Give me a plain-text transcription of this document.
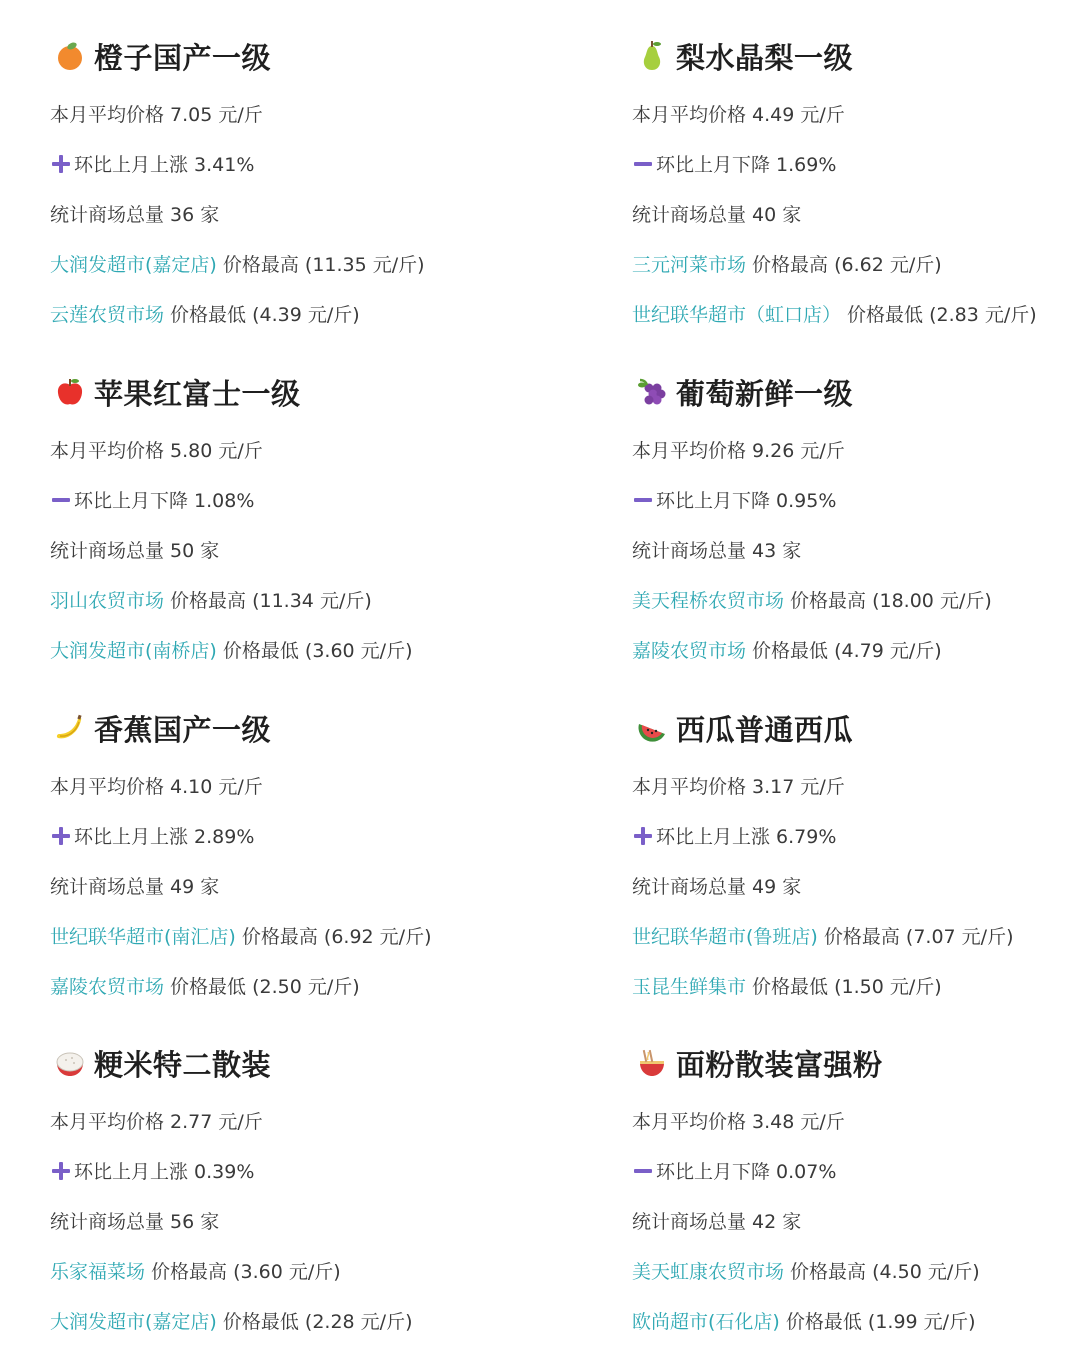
橙子国产一级
本月平均价格 7.05 元/斤
环比上月上涨 3.41%
统计商场总量 36 家
大润发超市(嘉定店) 价格最高 (11.35 元/斤)
云莲农贸市场 价格最低 (4.39 元/斤)
梨水晶梨一级
本月平均价格 4.49 元/斤
环比上月下降 1.69%
统计商场总量 40 家
三元河菜市场 价格最高 (6.62 元/斤)
世纪联华超市（虹口店） 价格最低 (2.83 元/斤)
苹果红富士一级
本月平均价格 5.80 元/斤
环比上月下降 1.08%
统计商场总量 50 家
羽山农贸市场 价格最高 (11.34 元/斤)
大润发超市(南桥店) 价格最低 (3.60 元/斤)
葡萄新鲜一级
本月平均价格 9.26 元/斤
环比上月下降 0.95%
统计商场总量 43 家
美天程桥农贸市场 价格最高 (18.00 元/斤)
嘉陵农贸市场 价格最低 (4.79 元/斤)
香蕉国产一级
本月平均价格 4.10 元/斤
环比上月上涨 2.89%
统计商场总量 49 家
世纪联华超市(南汇店) 价格最高 (6.92 元/斤)
嘉陵农贸市场 价格最低 (2.50 元/斤)
西瓜普通西瓜
本月平均价格 3.17 元/斤
环比上月上涨 6.79%
统计商场总量 49 家
世纪联华超市(鲁班店) 价格最高 (7.07 元/斤)
玉昆生鲜集市 价格最低 (1.50 元/斤)
粳米特二散装
本月平均价格 2.77 元/斤
环比上月上涨 0.39%
统计商场总量 56 家
乐家福菜场 价格最高 (3.60 元/斤)
大润发超市(嘉定店) 价格最低 (2.28 元/斤)
面粉散装富强粉
本月平均价格 3.48 元/斤
环比上月下降 0.07%
统计商场总量 42 家
美天虹康农贸市场 价格最高 (4.50 元/斤)
欧尚超市(石化店) 价格最低 (1.99 元/斤)
